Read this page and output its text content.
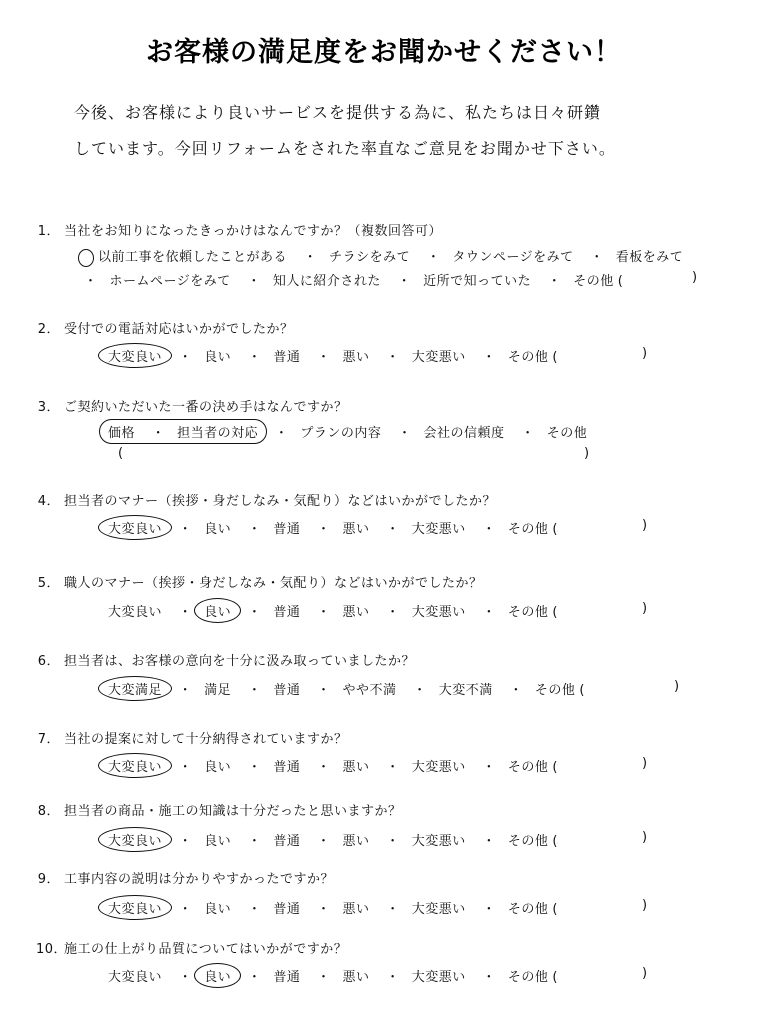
お客様の満足度をお聞かせください！
今後、お客様により良いサービスを提供する為に、私たちは日々研鑽
しています。今回リフォームをされた率直なご意見をお聞かせ下さい。
1． 当社をお知りになったきっかけはなんですか？（複数回答可）
以前工事を依頼したことがある ・ チラシをみて ・ タウンページをみて ・ 看板をみて
・ ホームページをみて ・ 知人に紹介された ・ 近所で知っていた ・ その他 (	)
2． 受付での電話対応はいかがでしたか？
大変良い ・ 良い ・ 普通 ・ 悪い ・ 大変悪い ・ その他 (	)
3． ご契約いただいた一番の決め手はなんですか？
価格 ・ 担当者の対応 ・ プランの内容 ・ 会社の信頼度 ・ その他
(	)
4． 担当者のマナー（挨拶・身だしなみ・気配り）などはいかがでしたか？
大変良い ・ 良い ・ 普通 ・ 悪い ・ 大変悪い ・ その他 (	)
5． 職人のマナー（挨拶・身だしなみ・気配り）などはいかがでしたか？
大変良い ・ 良い ・ 普通 ・ 悪い ・ 大変悪い ・ その他 (	)
6． 担当者は、お客様の意向を十分に汲み取っていましたか？
大変満足 ・ 満足 ・ 普通 ・ やや不満 ・ 大変不満 ・ その他 (	)
7． 当社の提案に対して十分納得されていますか？
大変良い ・ 良い ・ 普通 ・ 悪い ・ 大変悪い ・ その他 (	)
8． 担当者の商品・施工の知識は十分だったと思いますか？
大変良い ・ 良い ・ 普通 ・ 悪い ・ 大変悪い ・ その他 (	)
9． 工事内容の説明は分かりやすかったですか？
大変良い ・ 良い ・ 普通 ・ 悪い ・ 大変悪い ・ その他 (	)
10．施工の仕上がり品質についてはいかがですか？
大変良い ・ 良い ・ 普通 ・ 悪い ・ 大変悪い ・ その他 (	)
